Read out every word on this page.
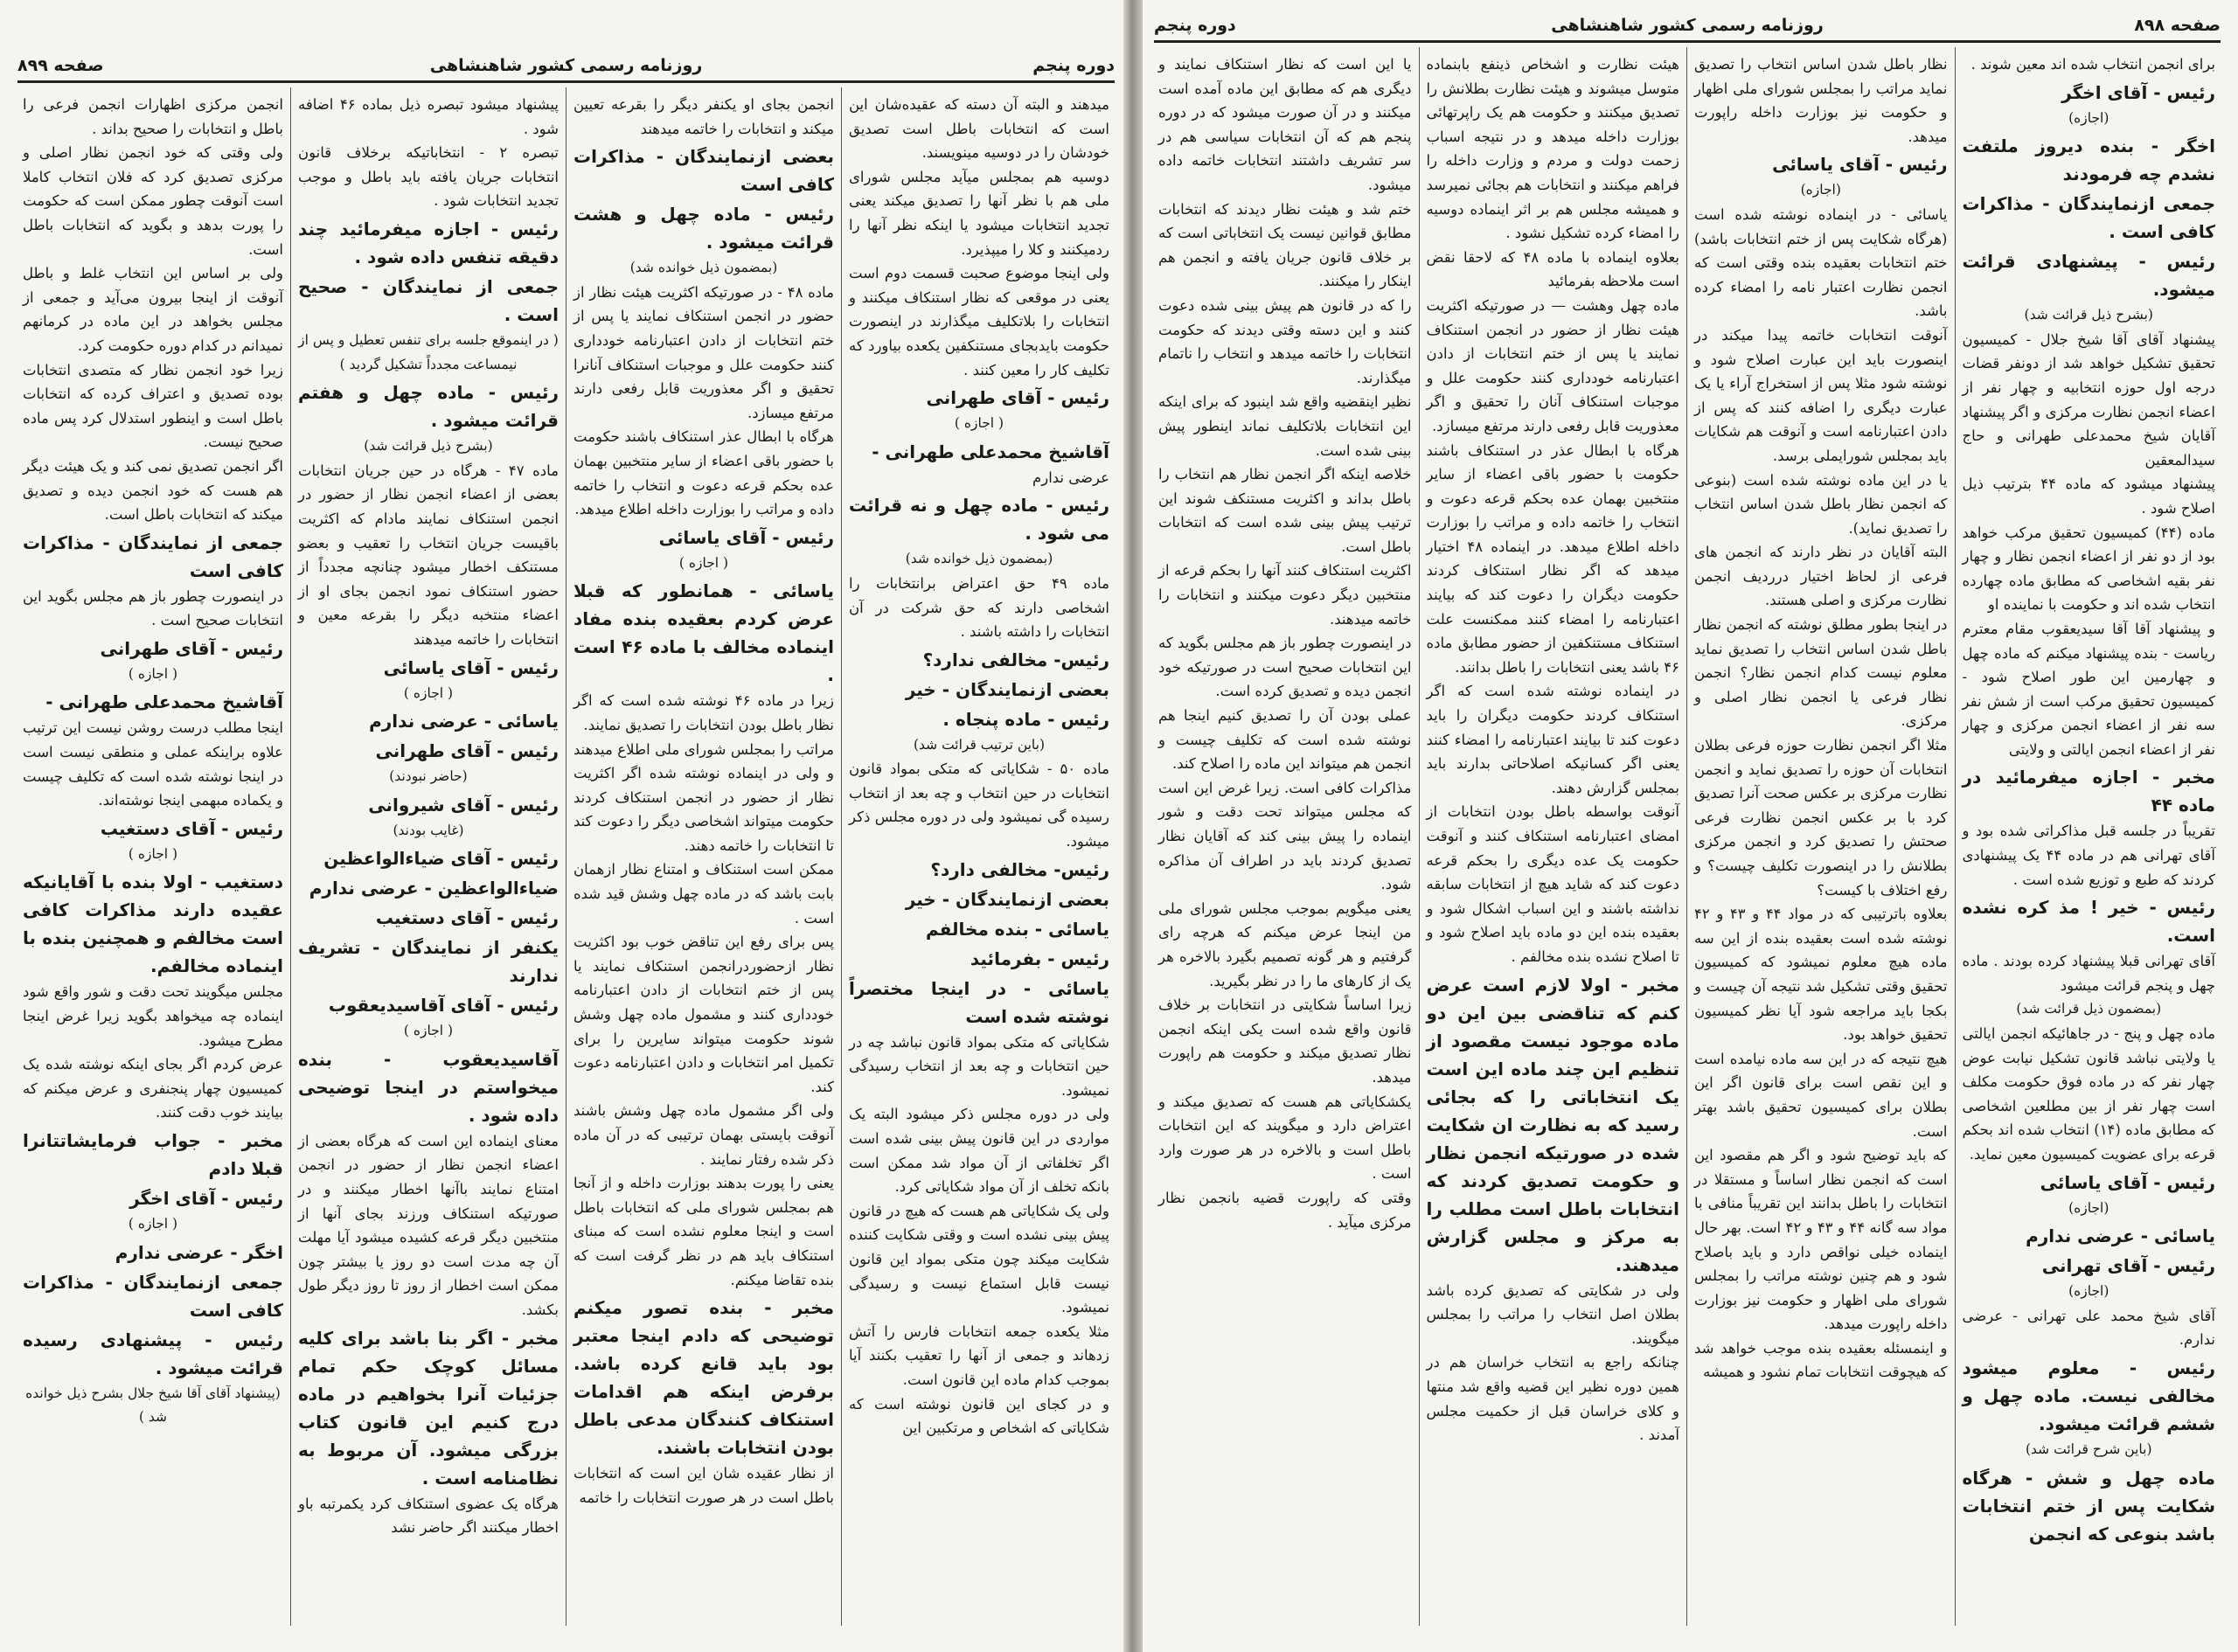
دوره پنجم
روزنامه رسمی کشور شاهنشاهی
صفحه ۸۹۹

میدهند و البته آن دسته که عقیده‌شان این است که انتخابات باطل است تصدیق خودشان را در دوسیه مینویسند.

دوسیه هم بمجلس میآید مجلس شورای ملی هم با نظر آنها را تصدیق میکند یعنی تجدید انتخابات میشود یا اینکه نظر آنها را ردمیکنند و کلا را میپذیرد.

ولی اینجا موضوع صحبت قسمت دوم است یعنی در موقعی که نظار استنکاف میکنند و انتخابات را بلاتکلیف میگذارند در اینصورت حکومت بایدبجای مستنکفین یکعده بیاورد که تکلیف کار را معین کنند .

رئیس - آقای طهرانی
( اجازه )
آقاشیخ محمدعلی طهرانی -

عرضی ندارم

رئیس - ماده چهل و نه قرائت می شود .
(بمضمون ذیل خوانده شد)

ماده ۴۹ حق اعتراض برانتخابات را اشخاصی دارند که حق شرکت در آن انتخابات را داشته باشند .

رئیس- مخالفی ندارد؟
بعضی ازنمایندگان - خیر
رئیس - ماده پنجاه .
(باین ترتیب قرائت شد)

ماده ۵۰ - شکایاتی که متکی بمواد قانون انتخابات در حین انتخاب و چه بعد از انتخاب رسیده گی نمیشود ولی در دوره مجلس ذکر میشود.

رئیس- مخالفی دارد؟
بعضی ازنمایندگان - خیر
یاسائی - بنده مخالفم
رئیس - بفرمائید
یاسائی - در اینجا مختصراً نوشته شده است

شکایاتی که متکی بمواد قانون نباشد چه در حین انتخابات و چه بعد از انتخاب رسیدگی نمیشود.

ولی در دوره مجلس ذکر میشود البته یک مواردی در این قانون پیش بینی شده است اگر تخلفاتی از آن مواد شد ممکن است بانکه تخلف از آن مواد شکایاتی کرد.

ولی یک شکایاتی هم هست که هیچ در قانون پیش بینی نشده است و وقتی شکایت کننده شکایت میکند چون متکی بمواد این قانون نیست قابل استماع نیست و رسیدگی نمیشود.

مثلا یکعده جمعه انتخابات فارس را آتش زدهاند و جمعی از آنها را تعقیب بکنند آیا بموجب کدام ماده این قانون است.

و در کجای این قانون نوشته است که شکایاتی که اشخاص و مرتکبین این

انجمن بجای او یکنفر دیگر را بقرعه تعیین میکند و انتخابات را خاتمه میدهند

بعضی ازنمایندگان - مذاکرات کافی است
رئیس - ماده چهل و هشت قرائت میشود .
(بمضمون ذیل خوانده شد)

ماده ۴۸ - در صورتیکه اکثریت هیئت نظار از حضور در انجمن استنکاف نمایند یا پس از ختم انتخابات از دادن اعتبارنامه خودداری کنند حکومت علل و موجبات استنکاف آنانرا تحقیق و اگر معذوریت قابل رفعی دارند مرتفع میسازد.

هرگاه با ابطال عذر استنکاف باشند حکومت با حضور باقی اعضاء از سایر منتخبین بهمان عده بحکم قرعه دعوت و انتخاب را خاتمه داده و مراتب را بوزارت داخله اطلاع میدهد.

رئیس - آقای یاسائی
( اجازه )
یاسائی - همانطور که قبلا عرض کردم بعقیده بنده مفاد اینماده مخالف با ماده ۴۶ است .

زیرا در ماده ۴۶ نوشته شده است که اگر نظار باطل بودن انتخابات را تصدیق نمایند.

مراتب را بمجلس شورای ملی اطلاع میدهند و ولی در اینماده نوشته شده اگر اکثریت نظار از حضور در انجمن استنکاف کردند حکومت میتواند اشخاصی دیگر را دعوت کند تا انتخابات را خاتمه دهند.

ممکن است استنکاف و امتناع نظار ازهمان بابت باشد که در ماده چهل وشش قید شده است .

پس برای رفع این تناقض خوب بود اکثریت نظار ازحضوردرانجمن استنکاف نمایند یا پس از ختم انتخابات از دادن اعتبارنامه خودداری کنند و مشمول ماده چهل وشش شوند حکومت میتواند سایرین را برای تکمیل امر انتخابات و دادن اعتبارنامه دعوت کند.

ولی اگر مشمول ماده چهل وشش باشند آنوقت بایستی بهمان ترتیبی که در آن ماده ذکر شده رفتار نمایند .

یعنی را پورت بدهند بوزارت داخله و از آنجا هم بمجلس شورای ملی که انتخابات باطل است و اینجا معلوم نشده است که مبنای استنکاف باید هم در نظر گرفت است که بنده تقاضا میکنم.

مخبر - بنده تصور میکنم توضیحی که دادم اینجا معتبر بود باید قانع کرده باشد. برفرض اینکه هم اقدامات استنکاف کنندگان مدعی باطل بودن انتخابات باشند.

از نظار عقیده شان این است که انتخابات باطل است در هر صورت انتخابات را خاتمه

پیشنهاد میشود تبصره ذیل بماده ۴۶ اضافه شود .

تبصره ۲ - انتخاباتیکه برخلاف قانون انتخابات جریان یافته باید باطل و موجب تجدید انتخابات شود .

رئیس - اجازه میفرمائید چند دقیقه تنفس داده شود .
جمعی از نمایندگان - صحیح است .
( در اینموقع جلسه برای تنفس تعطیل و پس از نیمساعت مجدداً تشکیل گردید )
رئیس - ماده چهل و هفتم قرائت میشود .
(بشرح ذیل قرائت شد)

ماده ۴۷ - هرگاه در حین جریان انتخابات بعضی از اعضاء انجمن نظار از حضور در انجمن استنکاف نمایند مادام که اکثریت باقیست جریان انتخاب را تعقیب و بعضو مستنکف اخطار میشود چنانچه مجدداً از حضور استنکاف نمود انجمن بجای او از اعضاء منتخبه دیگر را بقرعه معین و انتخابات را خاتمه میدهند

رئیس - آقای یاسائی
( اجازه )
یاسائی - عرضی ندارم
رئیس - آقای طهرانی
(حاضر نبودند)
رئیس - آقای شیروانی
(غایب بودند)
رئیس - آقای ضیاءالواعظین
ضیاءالواعظین - عرضی ندارم
رئیس - آقای دستغیب
یکنفر از نمایندگان - تشریف ندارند
رئیس - آقای آقاسیدیعقوب
( اجازه )
آقاسیدیعقوب - بنده میخواستم در اینجا توضیحی داده شود .

معنای اینماده این است که هرگاه بعضی از اعضاء انجمن نظار از حضور در انجمن امتناع نمایند باآنها اخطار میکنند و در صورتیکه استنکاف ورزند بجای آنها از منتخبین دیگر قرعه کشیده میشود آیا مهلت آن چه مدت است دو روز یا بیشتر چون ممکن است اخطار از روز تا روز دیگر طول بکشد.

مخبر - اگر بنا باشد برای کلیه مسائل کوچک حکم تمام جزئیات آنرا بخواهیم در ماده درج کنیم این قانون کتاب بزرگی میشود. آن مربوط به نظامنامه است .

هرگاه یک عضوی استنکاف کرد یکمرتبه باو اخطار میکنند اگر حاضر نشد

انجمن مرکزی اظهارات انجمن فرعی را باطل و انتخابات را صحیح بداند .

ولی وقتی که خود انجمن نظار اصلی و مرکزی تصدیق کرد که فلان انتخاب کاملا است آنوقت چطور ممکن است که حکومت را پورت بدهد و بگوید که انتخابات باطل است.

ولی بر اساس این انتخاب غلط و باطل آنوقت از اینجا بیرون می‌آید و جمعی از مجلس بخواهد در این ماده در کرمانهم نمیدانم در کدام دوره حکومت کرد.

زیرا خود انجمن نظار که متصدی انتخابات بوده تصدیق و اعتراف کرده که انتخابات باطل است و اینطور استدلال کرد پس ماده صحیح نیست.

اگر انجمن تصدیق نمی کند و یک هیئت دیگر هم هست که خود انجمن دیده و تصدیق میکند که انتخابات باطل است.

جمعی از نمایندگان - مذاکرات کافی است

در اینصورت چطور باز هم مجلس بگوید این انتخابات صحیح است .

رئیس - آقای طهرانی
( اجازه )
آقاشیخ محمدعلی طهرانی -

اینجا مطلب درست روشن نیست این ترتیب علاوه براینکه عملی و منطقی نیست است در اینجا نوشته شده است که تکلیف چیست و یکماده مبهمی اینجا نوشته‌اند.

رئیس - آقای دستغیب
( اجازه )
دستغیب - اولا بنده با آقایانیکه عقیده دارند مذاکرات کافی است مخالفم و همچنین بنده با اینماده مخالفم.

مجلس میگویند تحت دقت و شور واقع شود اینماده چه میخواهد بگوید زیرا غرض اینجا مطرح میشود.

عرض کردم اگر بجای اینکه نوشته شده یک کمیسیون چهار پنجنفری و عرض میکنم که بیایند خوب دقت کنند.

مخبر - جواب فرمایشاتتانرا قبلا دادم
رئیس - آقای اخگر
( اجازه )
اخگر - عرضی ندارم
جمعی ازنمایندگان - مذاکرات کافی است
رئیس - پیشنهادی رسیده قرائت میشود .
(پیشنهاد آقای آقا شیخ جلال بشرح ذیل خوانده شد )
صفحه ۸۹۸
روزنامه رسمی کشور شاهنشاهی
دوره پنجم

برای انجمن انتخاب شده اند معین شوند .

رئیس - آقای اخگر
(اجازه)
اخگر - بنده دیروز ملتفت نشدم چه فرمودند
جمعی ازنمایندگان - مذاکرات کافی است .
رئیس - پیشنهادی قرائت میشود.
(بشرح ذیل قرائت شد)

پیشنهاد آقای آقا شیخ جلال - کمیسیون تحقیق تشکیل خواهد شد از دونفر قضات درجه اول حوزه انتخابیه و چهار نفر از اعضاء انجمن نظارت مرکزی و اگر پیشنهاد آقایان شیخ محمدعلی طهرانی و حاج سیدالمعقین

پیشنهاد میشود که ماده ۴۴ بترتیب ذیل اصلاح شود .

ماده (۴۴) کمیسیون تحقیق مرکب خواهد بود از دو نفر از اعضاء انجمن نظار و چهار نفر بقیه اشخاصی که مطابق ماده چهارده انتخاب شده اند و حکومت با نماینده او

و پیشنهاد آقا آقا سیدیعقوب مقام معترم ریاست - بنده پیشنهاد میکنم که ماده چهل و چهارمین این طور اصلاح شود - کمیسیون تحقیق مرکب است از شش نفر سه نفر از اعضاء انجمن مرکزی و چهار نفر از اعضاء انجمن ایالتی و ولایتی

مخبر - اجازه میفرمائید در ماده ۴۴

تقریباً در جلسه قبل مذاکراتی شده بود و آقای تهرانی هم در ماده ۴۴ یک پیشنهادی کردند که طبع و توزیع شده است .

رئیس - خیر ! مذ کره نشده است.

آقای تهرانی قبلا پیشنهاد کرده بودند . ماده چهل و پنجم قرائت میشود

(بمضمون ذیل قرائت شد)

ماده چهل و پنج - در جاهائیکه انجمن ایالتی یا ولایتی نباشد قانون تشکیل نیابت عوض چهار نفر که در ماده فوق حکومت مکلف است چهار نفر از بین مطلعین اشخاصی که مطابق ماده (۱۴) انتخاب شده اند بحکم قرعه برای عضویت کمیسیون معین نماید.

رئیس - آقای یاسائی
(اجازه)
یاسائی - عرضی ندارم
رئیس - آقای تهرانی
(اجازه)

آقای شیخ محمد علی تهرانی - عرضی ندارم.

رئیس - معلوم میشود مخالفی نیست. ماده چهل و ششم قرائت میشود.
(باین شرح قرائت شد)
ماده چهل و شش - هرگاه شکایت پس از ختم انتخابات باشد بنوعی که انجمن

نظار باطل شدن اساس انتخاب را تصدیق نماید مراتب را بمجلس شورای ملی اظهار و حکومت نیز بوزارت داخله راپورت میدهد.

رئیس - آقای یاسائی
(اجازه)

یاسائی - در اینماده نوشته شده است (هرگاه شکایت پس از ختم انتخابات باشد) ختم انتخابات بعقیده بنده وقتی است که انجمن نظارت اعتبار نامه را امضاء کرده باشد.

آنوقت انتخابات خاتمه پیدا میکند در اینصورت باید این عبارت اصلاح شود و نوشته شود مثلا پس از استخراج آراء یا یک عبارت دیگری را اضافه کنند که پس از دادن اعتبارنامه است و آنوقت هم شکایات باید بمجلس شورایملی برسد.

یا در این ماده نوشته شده است (بنوعی که انجمن نظار باطل شدن اساس انتخاب را تصدیق نماید).

البته آقایان در نظر دارند که انجمن های فرعی از لحاظ اختیار درردیف انجمن نظارت مرکزی و اصلی هستند.

در اینجا بطور مطلق نوشته که انجمن نظار باطل شدن اساس انتخاب را تصدیق نماید معلوم نیست کدام انجمن نظار؟ انجمن نظار فرعی یا انجمن نظار اصلی و مرکزی.

مثلا اگر انجمن نظارت حوزه فرعی بطلان انتخابات آن حوزه را تصدیق نماید و انجمن نظارت مرکزی بر عکس صحت آنرا تصدیق کرد با بر عکس انجمن نظارت فرعی صحتش را تصدیق کرد و انجمن مرکزی بطلانش را در اینصورت تکلیف چیست؟ و رفع اختلاف با کیست؟

بعلاوه باترتیبی که در مواد ۴۴ و ۴۳ و ۴۲ نوشته شده است بعقیده بنده از این سه ماده هیچ معلوم نمیشود که کمیسیون تحقیق وقتی تشکیل شد نتیجه آن چیست و بکجا باید مراجعه شود آیا نظر کمیسیون تحقیق خواهد بود.

هیچ نتیجه که در این سه ماده نیامده است و این نقص است برای قانون اگر این بطلان برای کمیسیون تحقیق باشد بهتر است.

که باید توضیح شود و اگر هم مقصود این است که انجمن نظار اساساً و مستقلا در انتخابات را باطل بدانند این تقریباً منافی با مواد سه گانه ۴۴ و ۴۳ و ۴۲ است. بهر حال اینماده خیلی نواقص دارد و باید باصلاح شود و هم چنین نوشته مراتب را بمجلس شورای ملی اظهار و حکومت نیز بوزارت داخله راپورت میدهد.

و اینمسئله بعقیده بنده موجب خواهد شد که هیچوقت انتخابات تمام نشود و همیشه

هیئت نظارت و اشخاص ذینفع بابنماده متوسل میشوند و هیئت نظارت بطلانش را تصدیق میکنند و حکومت هم یک راپرتهائی بوزارت داخله میدهد و در نتیجه اسباب زحمت دولت و مردم و وزارت داخله را فراهم میکنند و انتخابات هم بجائی نمیرسد و همیشه مجلس هم بر اثر اینماده دوسیه را امضاء کرده تشکیل نشود .

بعلاوه اینماده با ماده ۴۸ که لاحقا نقض است ملاحظه بفرمائید

ماده چهل وهشت — در صورتیکه اکثریت هیئت نظار از حضور در انجمن استنکاف نمایند یا پس از ختم انتخابات از دادن اعتبارنامه خودداری کنند حکومت علل و موجبات استنکاف آنان را تحقیق و اگر معذوریت قابل رفعی دارند مرتفع میسازد.

هرگاه با ابطال عذر در استنکاف باشند حکومت با حضور باقی اعضاء از سایر منتخبین بهمان عده بحکم قرعه دعوت و انتخاب را خاتمه داده و مراتب را بوزارت داخله اطلاع میدهد. در اینماده ۴۸ اختیار میدهد که اگر نظار استنکاف کردند حکومت دیگران را دعوت کند که بیایند اعتبارنامه را امضاء کنند ممکنست علت استنکاف مستنکفین از حضور مطابق ماده ۴۶ باشد یعنی انتخابات را باطل بدانند.

در اینماده نوشته شده است که اگر استنکاف کردند حکومت دیگران را باید دعوت کند تا بیایند اعتبارنامه را امضاء کنند یعنی اگر کسانیکه اصلاحاتی بدارند باید بمجلس گزارش دهند.

آنوقت بواسطه باطل بودن انتخابات از امضای اعتبارنامه استنکاف کنند و آنوقت حکومت یک عده دیگری را بحکم قرعه دعوت کند که شاید هیچ از انتخابات سابقه نداشته باشند و این اسباب اشکال شود و بعقیده بنده این دو ماده باید اصلاح شود و تا اصلاح نشده بنده مخالفم .

مخبر - اولا لازم است عرض کنم که تناقضی بین این دو ماده موجود نیست مقصود از تنظیم این چند ماده این است یک انتخاباتی را که بجائی رسید که به نظارت ان شکایت شده در صورتیکه انجمن نظار و حکومت تصدیق کردند که انتخابات باطل است مطلب را به مرکز و مجلس گزارش میدهند.

ولی در شکایتی که تصدیق کرده باشد بطلان اصل انتخاب را مراتب را بمجلس ميگويند.

چنانکه راجع به انتخاب خراسان هم در همین دوره نظیر این قضیه واقع شد منتها و کلای خراسان قبل از حکمیت مجلس آمدند .

یا این است که نظار استنکاف نمایند و دیگری هم که مطابق این ماده آمده است میکنند و در آن صورت میشود که در دوره پنجم هم که آن انتخابات سیاسی هم در سر تشریف داشتند انتخابات خاتمه داده میشود.

ختم شد و هیئت نظار دیدند که انتخابات مطابق قوانین نیست یک انتخاباتی است که بر خلاف قانون جریان یافته و انجمن هم اینکار را میکنند.

را که در قانون هم پیش بینی شده دعوت کنند و این دسته وقتی دیدند که حکومت انتخابات را خاتمه میدهد و انتخاب را ناتمام میگذارند.

نظیر اینقضیه واقع شد اینبود که برای اینکه این انتخابات بلاتکلیف نماند اینطور پیش بینی شده است.

خلاصه اینکه اگر انجمن نظار هم انتخاب را باطل بداند و اکثریت مستنکف شوند این ترتیب پیش بینی شده است که انتخابات باطل است.

اکثریت استنکاف کنند آنها را بحکم قرعه از منتخبین دیگر دعوت میکنند و انتخابات را خاتمه میدهند.

در اینصورت چطور باز هم مجلس بگوید که این انتخابات صحیح است در صورتیکه خود انجمن دیده و تصدیق کرده است.

عملی بودن آن را تصدیق کنیم اینجا هم نوشته شده است که تکلیف چیست و انجمن هم میتواند این ماده را اصلاح کند.

مذاکرات کافی است. زیرا غرض این است که مجلس میتواند تحت دقت و شور اینماده را پیش بینی کند که آقایان نظار تصدیق کردند باید در اطراف آن مذاکره شود.

یعنی میگویم بموجب مجلس شورای ملی من اینجا عرض میکنم که هرچه رای گرفتیم و هر گونه تصمیم بگیرد بالاخره هر یک از کارهای ما را در نظر بگیرید.

زیرا اساساً شکایتی در انتخابات بر خلاف قانون واقع شده است یکی اینکه انجمن نظار تصدیق میکند و حکومت هم راپورت میدهد.

یکشکایاتی هم هست که تصدیق میکند و اعتراض دارد و میگویند که این انتخابات باطل است و بالاخره در هر صورت وارد است .

وقتی که راپورت قضیه بانجمن نظار مرکزی میآید .
